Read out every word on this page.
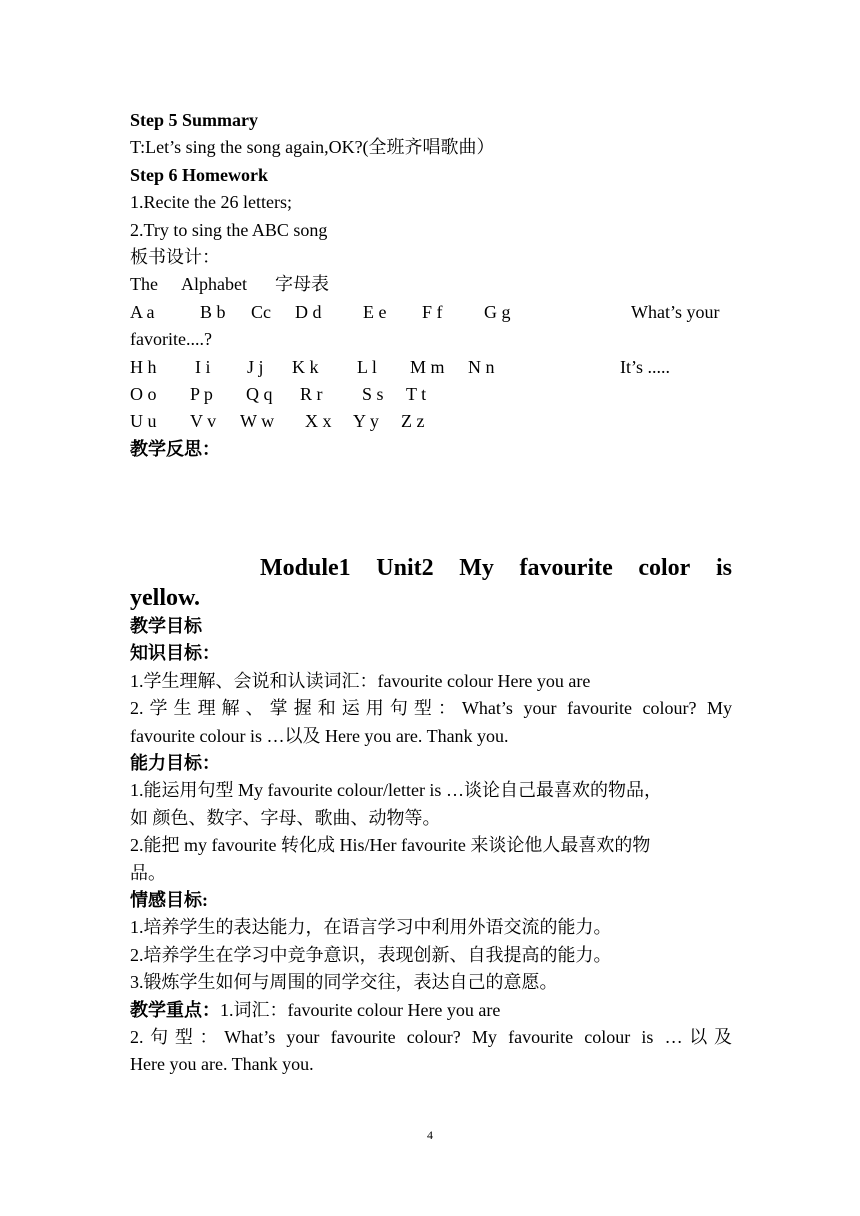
Step 5 Summary
T:Let’s sing the song again,OK?(全班齐唱歌曲）
Step 6 Homework
1.Recite the 26 letters;
2.Try to sing the ABC song
板书设计：
The Alphabet 字母表
A a	B b Cc D d E e F f G g	What’s your
favorite....?
H h I i J j K k L l M m N n	It’s .....
O o P p Q q R r S s T t
U u V v W w X x Y y Z z
教学反思：
Module1 Unit2 My favourite color is
yellow.
教学目标
知识目标：
1.学生理解、会说和认读词汇：favourite colour Here you are
2.学生理解、掌握和运用句型：What’s your favourite colour? My
favourite colour is …以及 Here you are. Thank you.
能力目标：
1.能运用句型 My favourite colour/letter is …谈论自己最喜欢的物品，
如 颜色、数字、字母、歌曲、动物等。
2.能把 my favourite 转化成 His/Her favourite 来谈论他人最喜欢的物
品。
情感目标:
1.培养学生的表达能力，在语言学习中利用外语交流的能力。
2.培养学生在学习中竞争意识，表现创新、自我提高的能力。
3.锻炼学生如何与周围的同学交往，表达自己的意愿。
教学重点：1.词汇：favourite colour Here you are
2.句型：What’s your favourite colour? My favourite colour is …以及
Here you are. Thank you.
4
